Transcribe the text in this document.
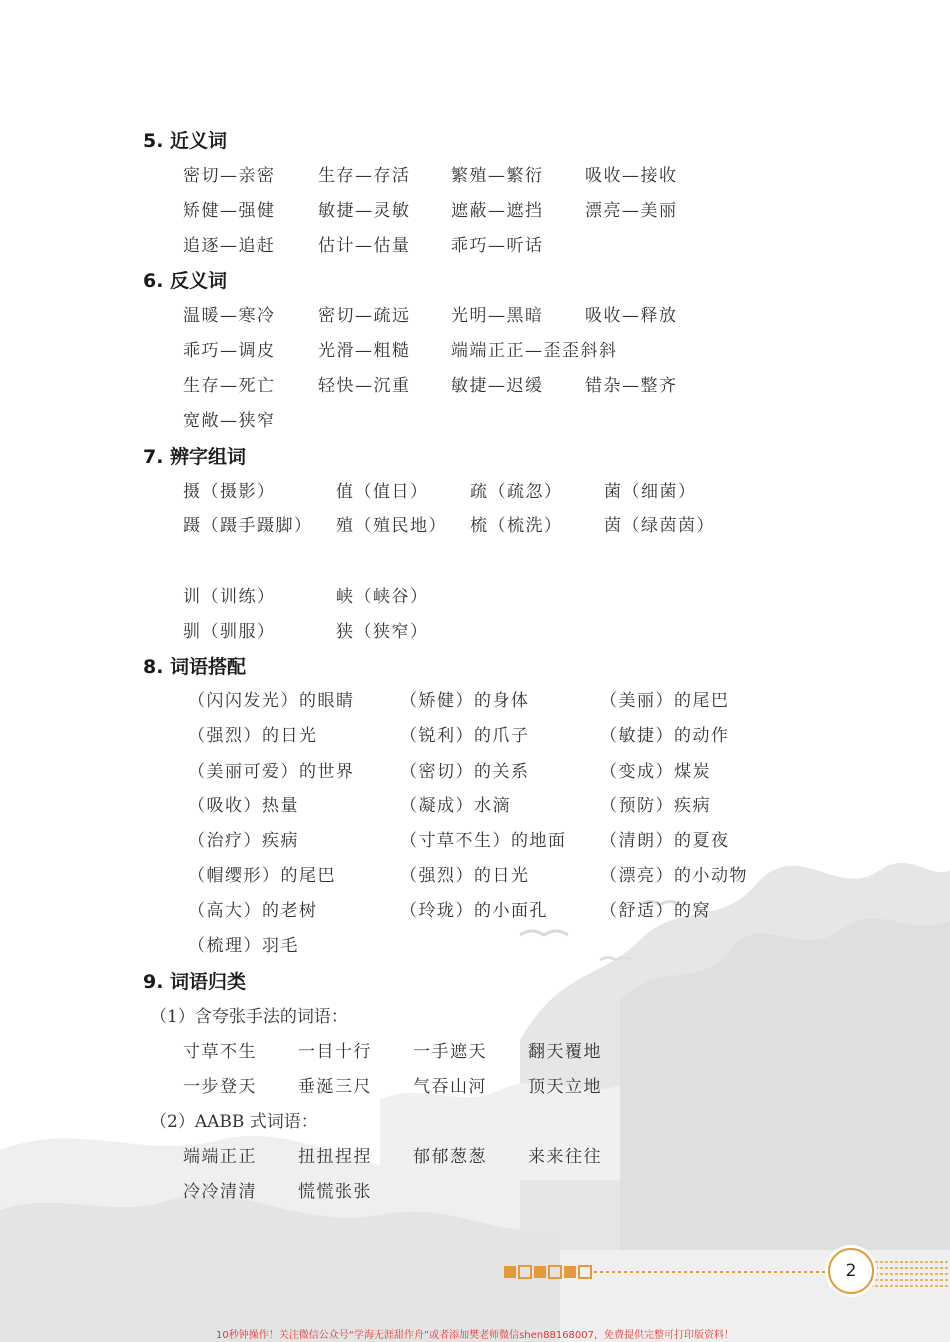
2
10秒钟操作！关注微信公众号“学海无涯甜作舟”或者添加樊老师微信shen88168007，免费提供完整可打印版资料！
5. 近义词
密切—亲密	生存—存活 繁殖—繁衍 吸收—接收
矫健—强健	敏捷—灵敏 遮蔽—遮挡 漂亮—美丽
追逐—追赶	估计—估量 乖巧—听话
6. 反义词
温暖—寒冷	密切—疏远 光明—黑暗 吸收—释放
乖巧—调皮	光滑—粗糙 端端正正—歪歪斜斜
生存—死亡	轻快—沉重 敏捷—迟缓 错杂—整齐
宽敞—狭窄
7. 辨字组词
摄（摄影）	值（值日） 疏（疏忽） 菌（细菌）
蹑（蹑手蹑脚） 殖（殖民地） 梳（梳洗） 茵（绿茵茵）
训（训练）	峡（峡谷）
驯（驯服）	狭（狭窄）
8. 词语搭配
（闪闪发光）的眼睛	（矫健）的身体	（美丽）的尾巴
（强烈）的日光	（锐利）的爪子	（敏捷）的动作
（美丽可爱）的世界	（密切）的关系	（变成）煤炭
（吸收）热量	（凝成）水滴	（预防）疾病
（治疗）疾病	（寸草不生）的地面 （清朗）的夏夜
（帽缨形）的尾巴	（强烈）的日光	（漂亮）的小动物
（高大）的老树	（玲珑）的小面孔	（舒适）的窝
（梳理）羽毛
9. 词语归类
（1）含夸张手法的词语：
寸草不生 一目十行 一手遮天 翻天覆地
一步登天 垂涎三尺 气吞山河 顶天立地
（2）AABB 式词语：
端端正正 扭扭捏捏 郁郁葱葱 来来往往
冷冷清清 慌慌张张
